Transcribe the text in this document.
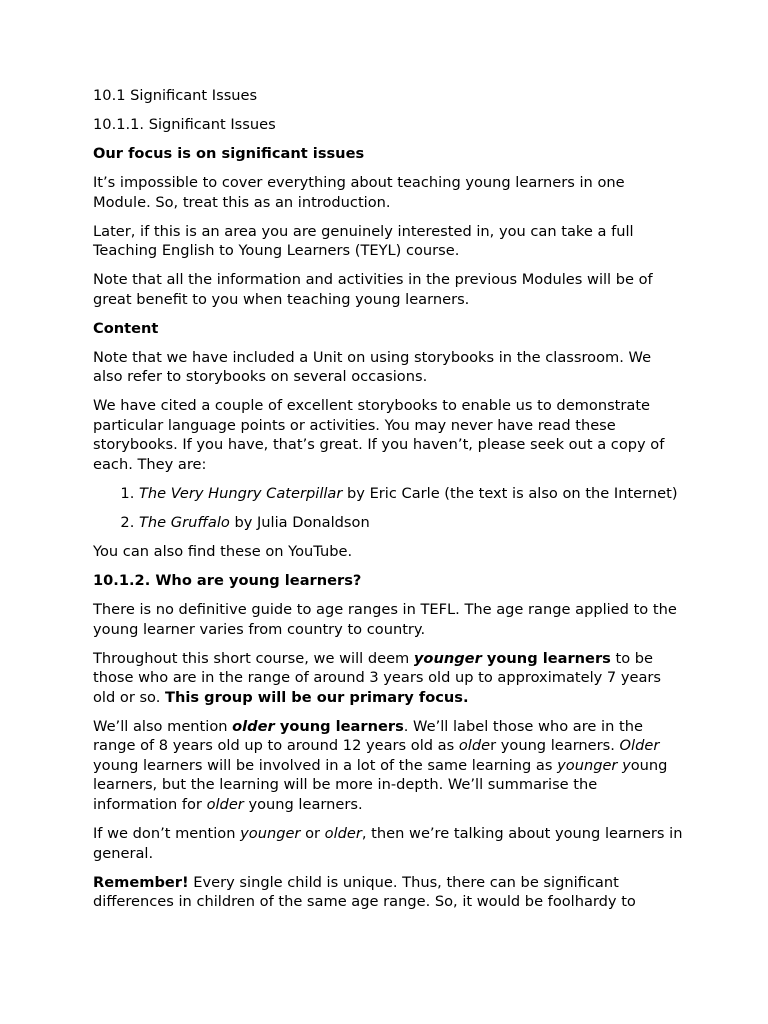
10.1 Significant Issues

10.1.1. Significant Issues

Our focus is on significant issues

It’s impossible to cover everything about teaching young learners in one Module. So, treat this as an introduction.

Later, if this is an area you are genuinely interested in, you can take a full Teaching English to Young Learners (TEYL) course.

Note that all the information and activities in the previous Modules will be of great benefit to you when teaching young learners.

Content

Note that we have included a Unit on using storybooks in the classroom. We also refer to storybooks on several occasions.

We have cited a couple of excellent storybooks to enable us to demonstrate particular language points or activities. You may never have read these storybooks. If you have, that’s great. If you haven’t, please seek out a copy of each. They are:

1. The Very Hungry Caterpillar by Eric Carle (the text is also on the Internet)
2. The Gruffalo by Julia Donaldson

You can also find these on YouTube.

10.1.2. Who are young learners?

There is no definitive guide to age ranges in TEFL. The age range applied to the young learner varies from country to country.

Throughout this short course, we will deem younger young learners to be those who are in the range of around 3 years old up to approximately 7 years old or so. This group will be our primary focus.

We’ll also mention older young learners. We’ll label those who are in the range of 8 years old up to around 12 years old as older young learners. Older young learners will be involved in a lot of the same learning as younger young learners, but the learning will be more in-depth. We’ll summarise the information for older young learners.

If we don’t mention younger or older, then we’re talking about young learners in general.

Remember! Every single child is unique. Thus, there can be significant differences in children of the same age range. So, it would be foolhardy to
